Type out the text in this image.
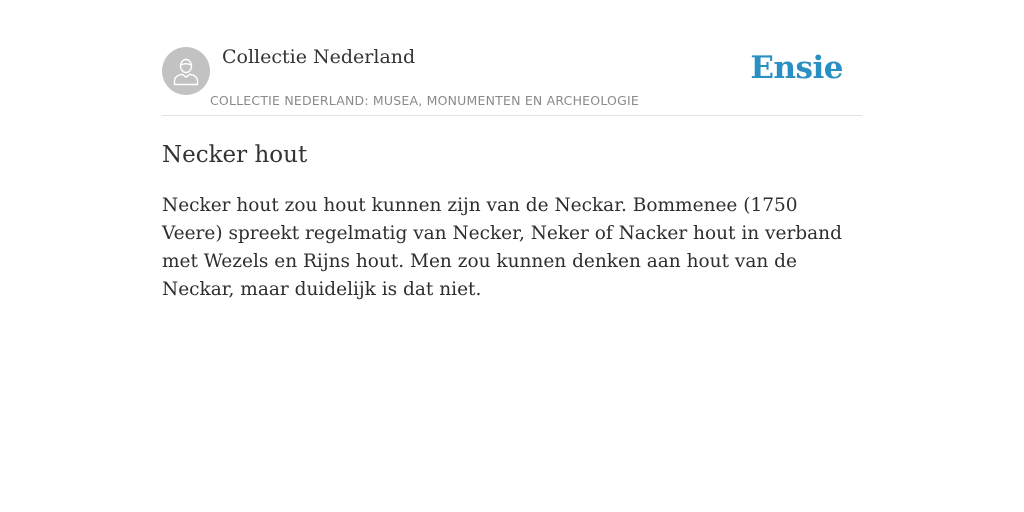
Collectie Nederland
COLLECTIE NEDERLAND: MUSEA, MONUMENTEN EN ARCHEOLOGIE
Ensie
Necker hout

Necker hout zou hout kunnen zijn van de Neckar. Bommenee (1750 Veere) spreekt regelmatig van Necker, Neker of Nacker hout in verband met Wezels en Rijns hout. Men zou kunnen denken aan hout van de Neckar, maar duidelijk is dat niet.
